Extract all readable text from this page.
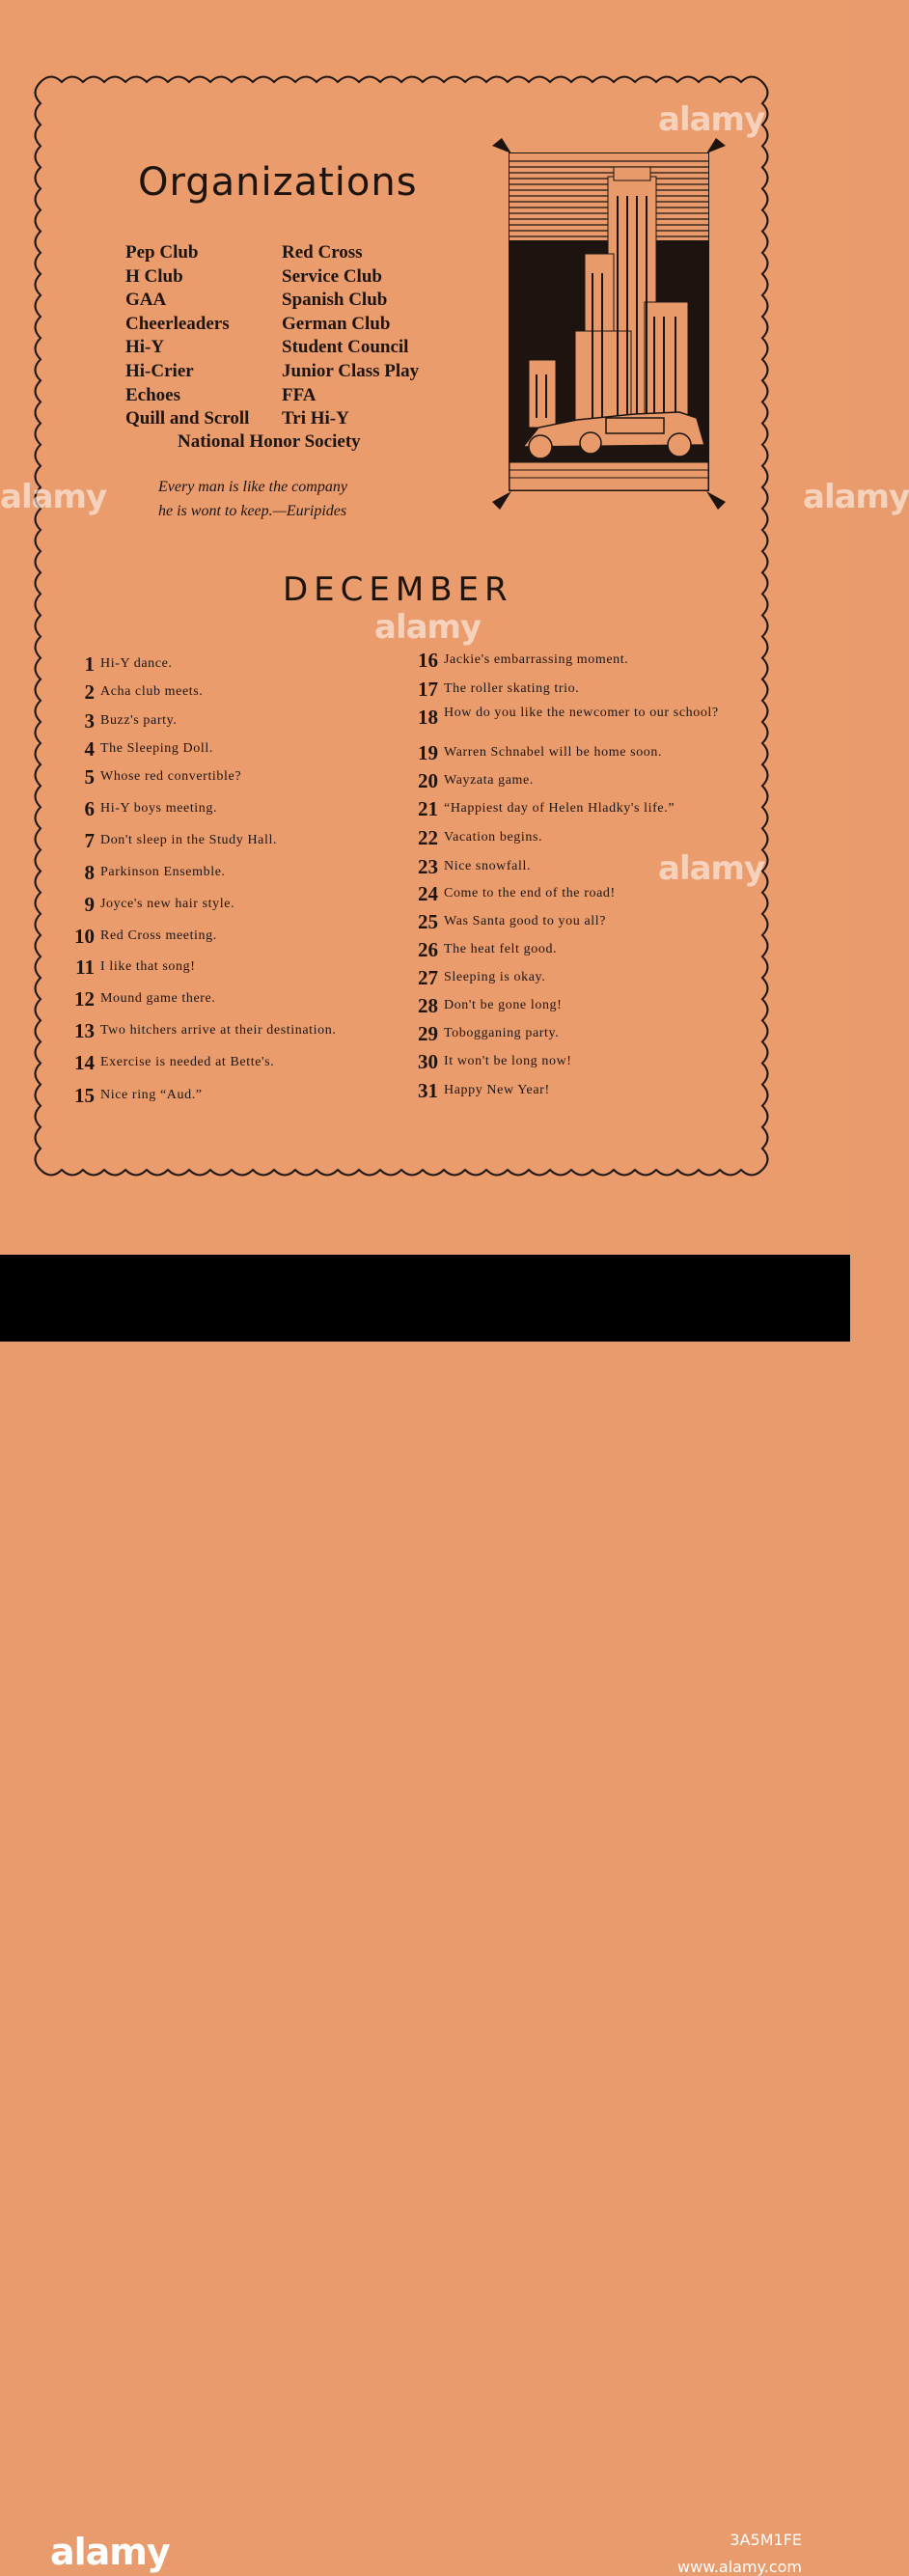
Organizations
Pep Club
H Club
GAA
Cheerleaders
Hi-Y
Hi-Crier
Echoes
Quill and Scroll
Red Cross
Service Club
Spanish Club
German Club
Student Council
Junior Class Play
FFA
Tri Hi-Y
National Honor Society
Every man is like the company
he is wont to keep.—Euripides
DECEMBER
1 Hi-Y dance.
2 Acha club meets.
3 Buzz's party.
4 The Sleeping Doll.
5 Whose red convertible?
6 Hi-Y boys meeting.
7 Don't sleep in the Study Hall.
8 Parkinson Ensemble.
9 Joyce's new hair style.
10 Red Cross meeting.
11 I like that song!
12 Mound game there.
13 Two hitchers arrive at their destination.
14 Exercise is needed at Bette's.
15 Nice ring “Aud.”
16 Jackie's embarrassing moment.
17 The roller skating trio.
18 How do you like the newcomer to our school?
19 Warren Schnabel will be home soon.
20 Wayzata game.
21 “Happiest day of Helen Hladky's life.”
22 Vacation begins.
23 Nice snowfall.
24 Come to the end of the road!
25 Was Santa good to you all?
26 The heat felt good.
27 Sleeping is okay.
28 Don't be gone long!
29 Tobogganing party.
30 It won't be long now!
31 Happy New Year!
alamy
alamy
alamy
alamy	alamy
alamy	3A5M1FE
www.alamy.com
